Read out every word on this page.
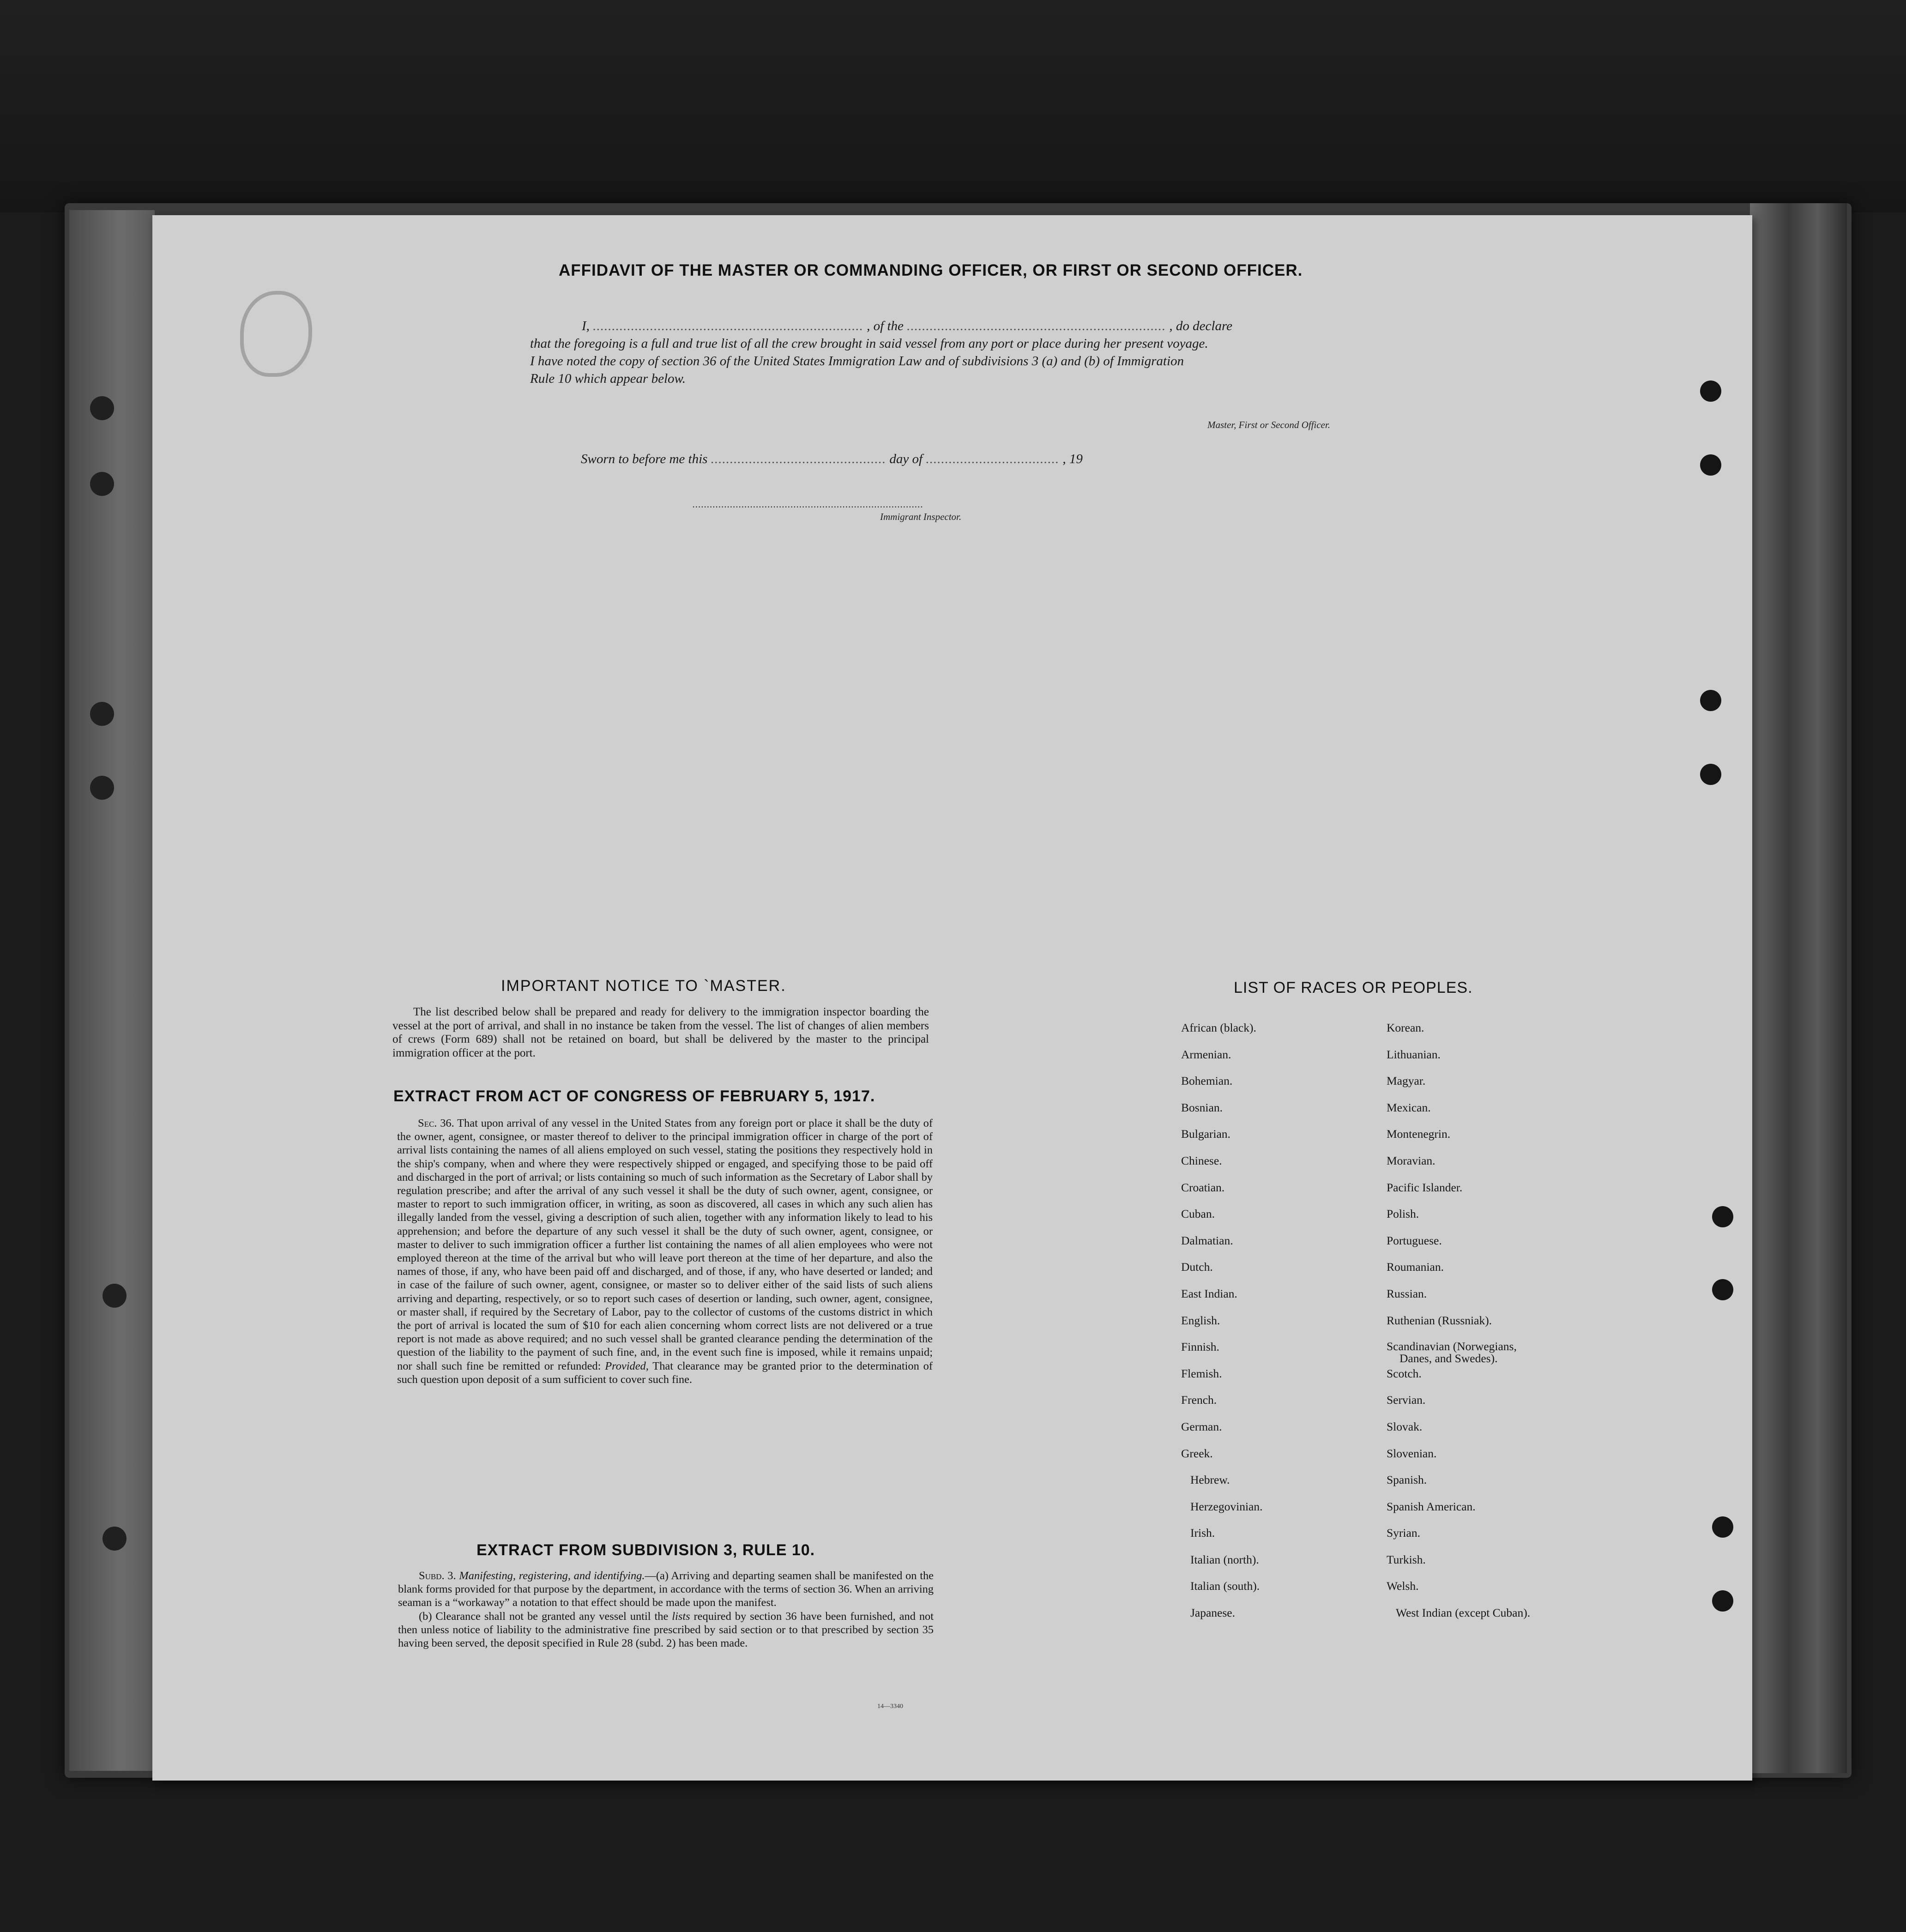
AFFIDAVIT OF THE MASTER OR COMMANDING OFFICER, OR FIRST OR SECOND OFFICER.
I, ....................................................................... , of the .................................................................... , do declare
that the foregoing is a full and true list of all the crew brought in said vessel from any port or place during her present voyage.
I have noted the copy of section 36 of the United States Immigration Law and of subdivisions 3 (a) and (b) of Immigration
Rule 10 which appear below.
Master, First or Second Officer.
Sworn to before me this .............................................. day of ................................... , 19
................................................................................
Immigrant Inspector.
IMPORTANT NOTICE TO `MASTER.
The list described below shall be prepared and ready for delivery to the immigration inspector boarding the vessel at the port of arrival, and shall in no instance be taken from the vessel. The list of changes of alien members of crews (Form 689) shall not be retained on board, but shall be delivered by the master to the principal immigration officer at the port.
EXTRACT FROM ACT OF CONGRESS OF FEBRUARY 5, 1917.

Sec. 36. That upon arrival of any vessel in the United States from any foreign port or place it shall be the duty of the owner, agent, consignee, or master thereof to deliver to the principal immigration officer in charge of the port of arrival lists containing the names of all aliens employed on such vessel, stating the positions they respectively hold in the ship's company, when and where they were respectively shipped or engaged, and specifying those to be paid off and discharged in the port of arrival; or lists containing so much of such information as the Secretary of Labor shall by regulation prescribe; and after the arrival of any such vessel it shall be the duty of such owner, agent, consignee, or master to report to such immigration officer, in writing, as soon as discovered, all cases in which any such alien has illegally landed from the vessel, giving a description of such alien, together with any information likely to lead to his apprehension; and before the departure of any such vessel it shall be the duty of such owner, agent, consignee, or master to deliver to such immigration officer a further list containing the names of all alien employees who were not employed thereon at the time of the arrival but who will leave port thereon at the time of her departure, and also the names of those, if any, who have been paid off and discharged, and of those, if any, who have deserted or landed; and in case of the failure of such owner, agent, consignee, or master so to deliver either of the said lists of such aliens arriving and departing, respectively, or so to report such cases of desertion or landing, such owner, agent, consignee, or master shall, if required by the Secretary of Labor, pay to the collector of customs of the customs district in which the port of arrival is located the sum of $10 for each alien concerning whom correct lists are not delivered or a true report is not made as above required; and no such vessel shall be granted clearance pending the determination of the question of the liability to the payment of such fine, and, in the event such fine is imposed, while it remains unpaid; nor shall such fine be remitted or refunded: Provided, That clearance may be granted prior to the determination of such question upon deposit of a sum sufficient to cover such fine.

EXTRACT FROM SUBDIVISION 3, RULE 10.

Subd. 3. Manifesting, registering, and identifying.—(a) Arriving and departing seamen shall be manifested on the blank forms provided for that purpose by the department, in accordance with the terms of section 36. When an arriving seaman is a “workaway” a notation to that effect should be made upon the manifest.

(b) Clearance shall not be granted any vessel until the lists required by section 36 have been furnished, and not then unless notice of liability to the administrative fine prescribed by said section or to that prescribed by section 35 having been served, the deposit specified in Rule 28 (subd. 2) has been made.

14—3340
LIST OF RACES OR PEOPLES.
African (black).
Armenian.
Bohemian.
Bosnian.
Bulgarian.
Chinese.
Croatian.
Cuban.
Dalmatian.
Dutch.
East Indian.
English.
Finnish.
Flemish.
French.
German.
Greek.
Hebrew.
Herzegovinian.
Irish.
Italian (north).
Italian (south).
Japanese.
Korean.
Lithuanian.
Magyar.
Mexican.
Montenegrin.
Moravian.
Pacific Islander.
Polish.
Portuguese.
Roumanian.
Russian.
Ruthenian (Russniak).
Scandinavian (Norwegians,
Danes, and Swedes).
Scotch.
Servian.
Slovak.
Slovenian.
Spanish.
Spanish American.
Syrian.
Turkish.
Welsh.
West Indian (except Cuban).
